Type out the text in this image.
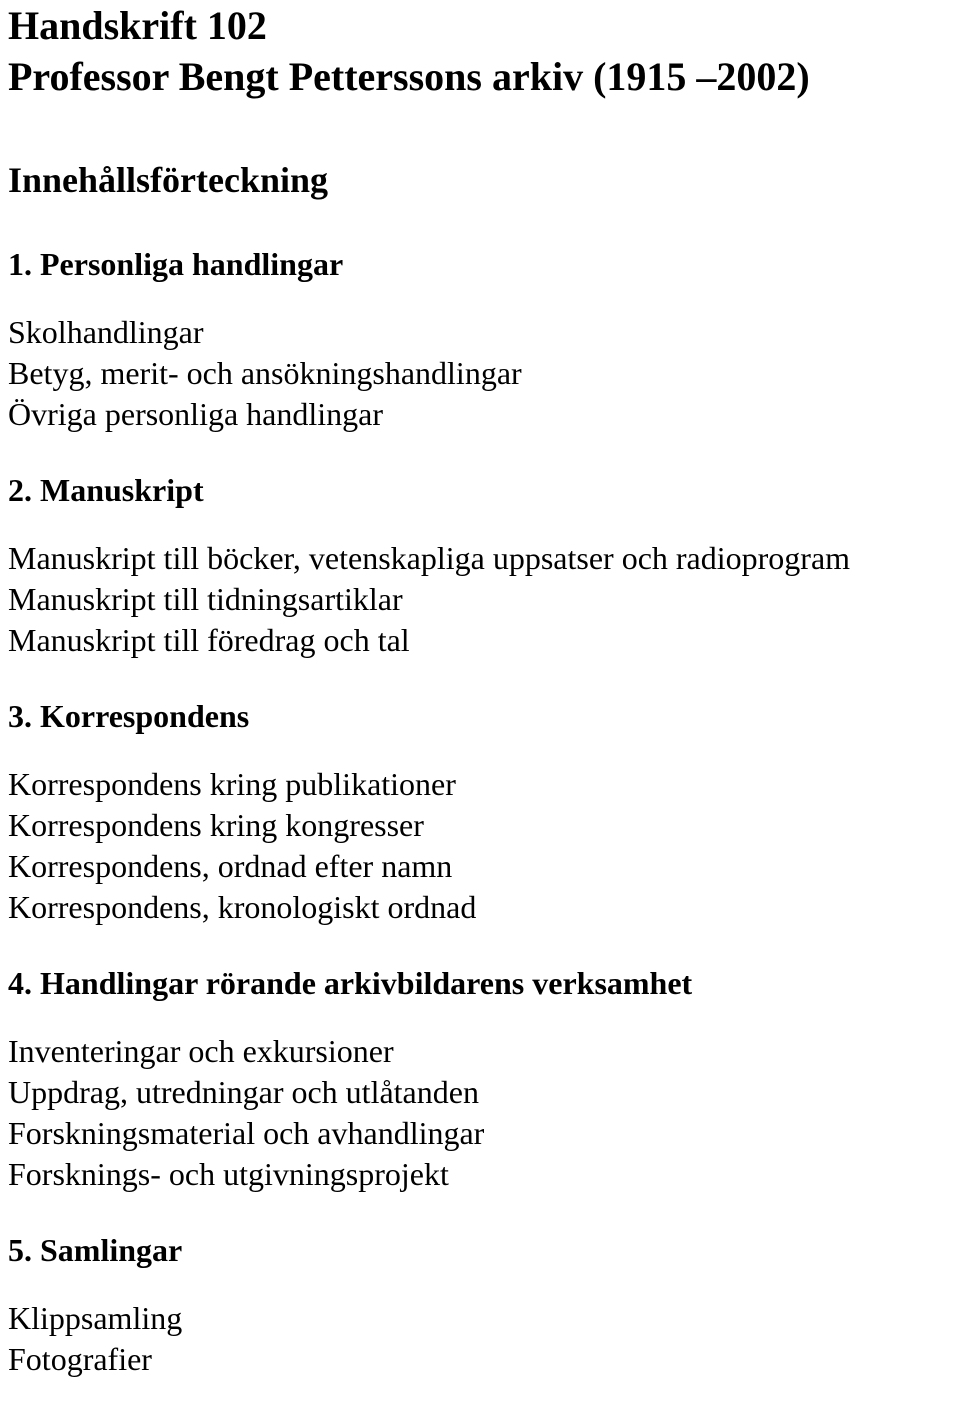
Handskrift 102
Professor Bengt Petterssons arkiv (1915 –2002)
Innehållsförteckning
1. Personliga handlingar
Skolhandlingar
Betyg, merit- och ansökningshandlingar
Övriga personliga handlingar
2. Manuskript
Manuskript till böcker, vetenskapliga uppsatser och radioprogram
Manuskript till tidningsartiklar
Manuskript till föredrag och tal
3. Korrespondens
Korrespondens kring publikationer
Korrespondens kring kongresser
Korrespondens, ordnad efter namn
Korrespondens, kronologiskt ordnad
4. Handlingar rörande arkivbildarens verksamhet
Inventeringar och exkursioner
Uppdrag, utredningar och utlåtanden
Forskningsmaterial och avhandlingar
Forsknings- och utgivningsprojekt
5. Samlingar
Klippsamling
Fotografier
